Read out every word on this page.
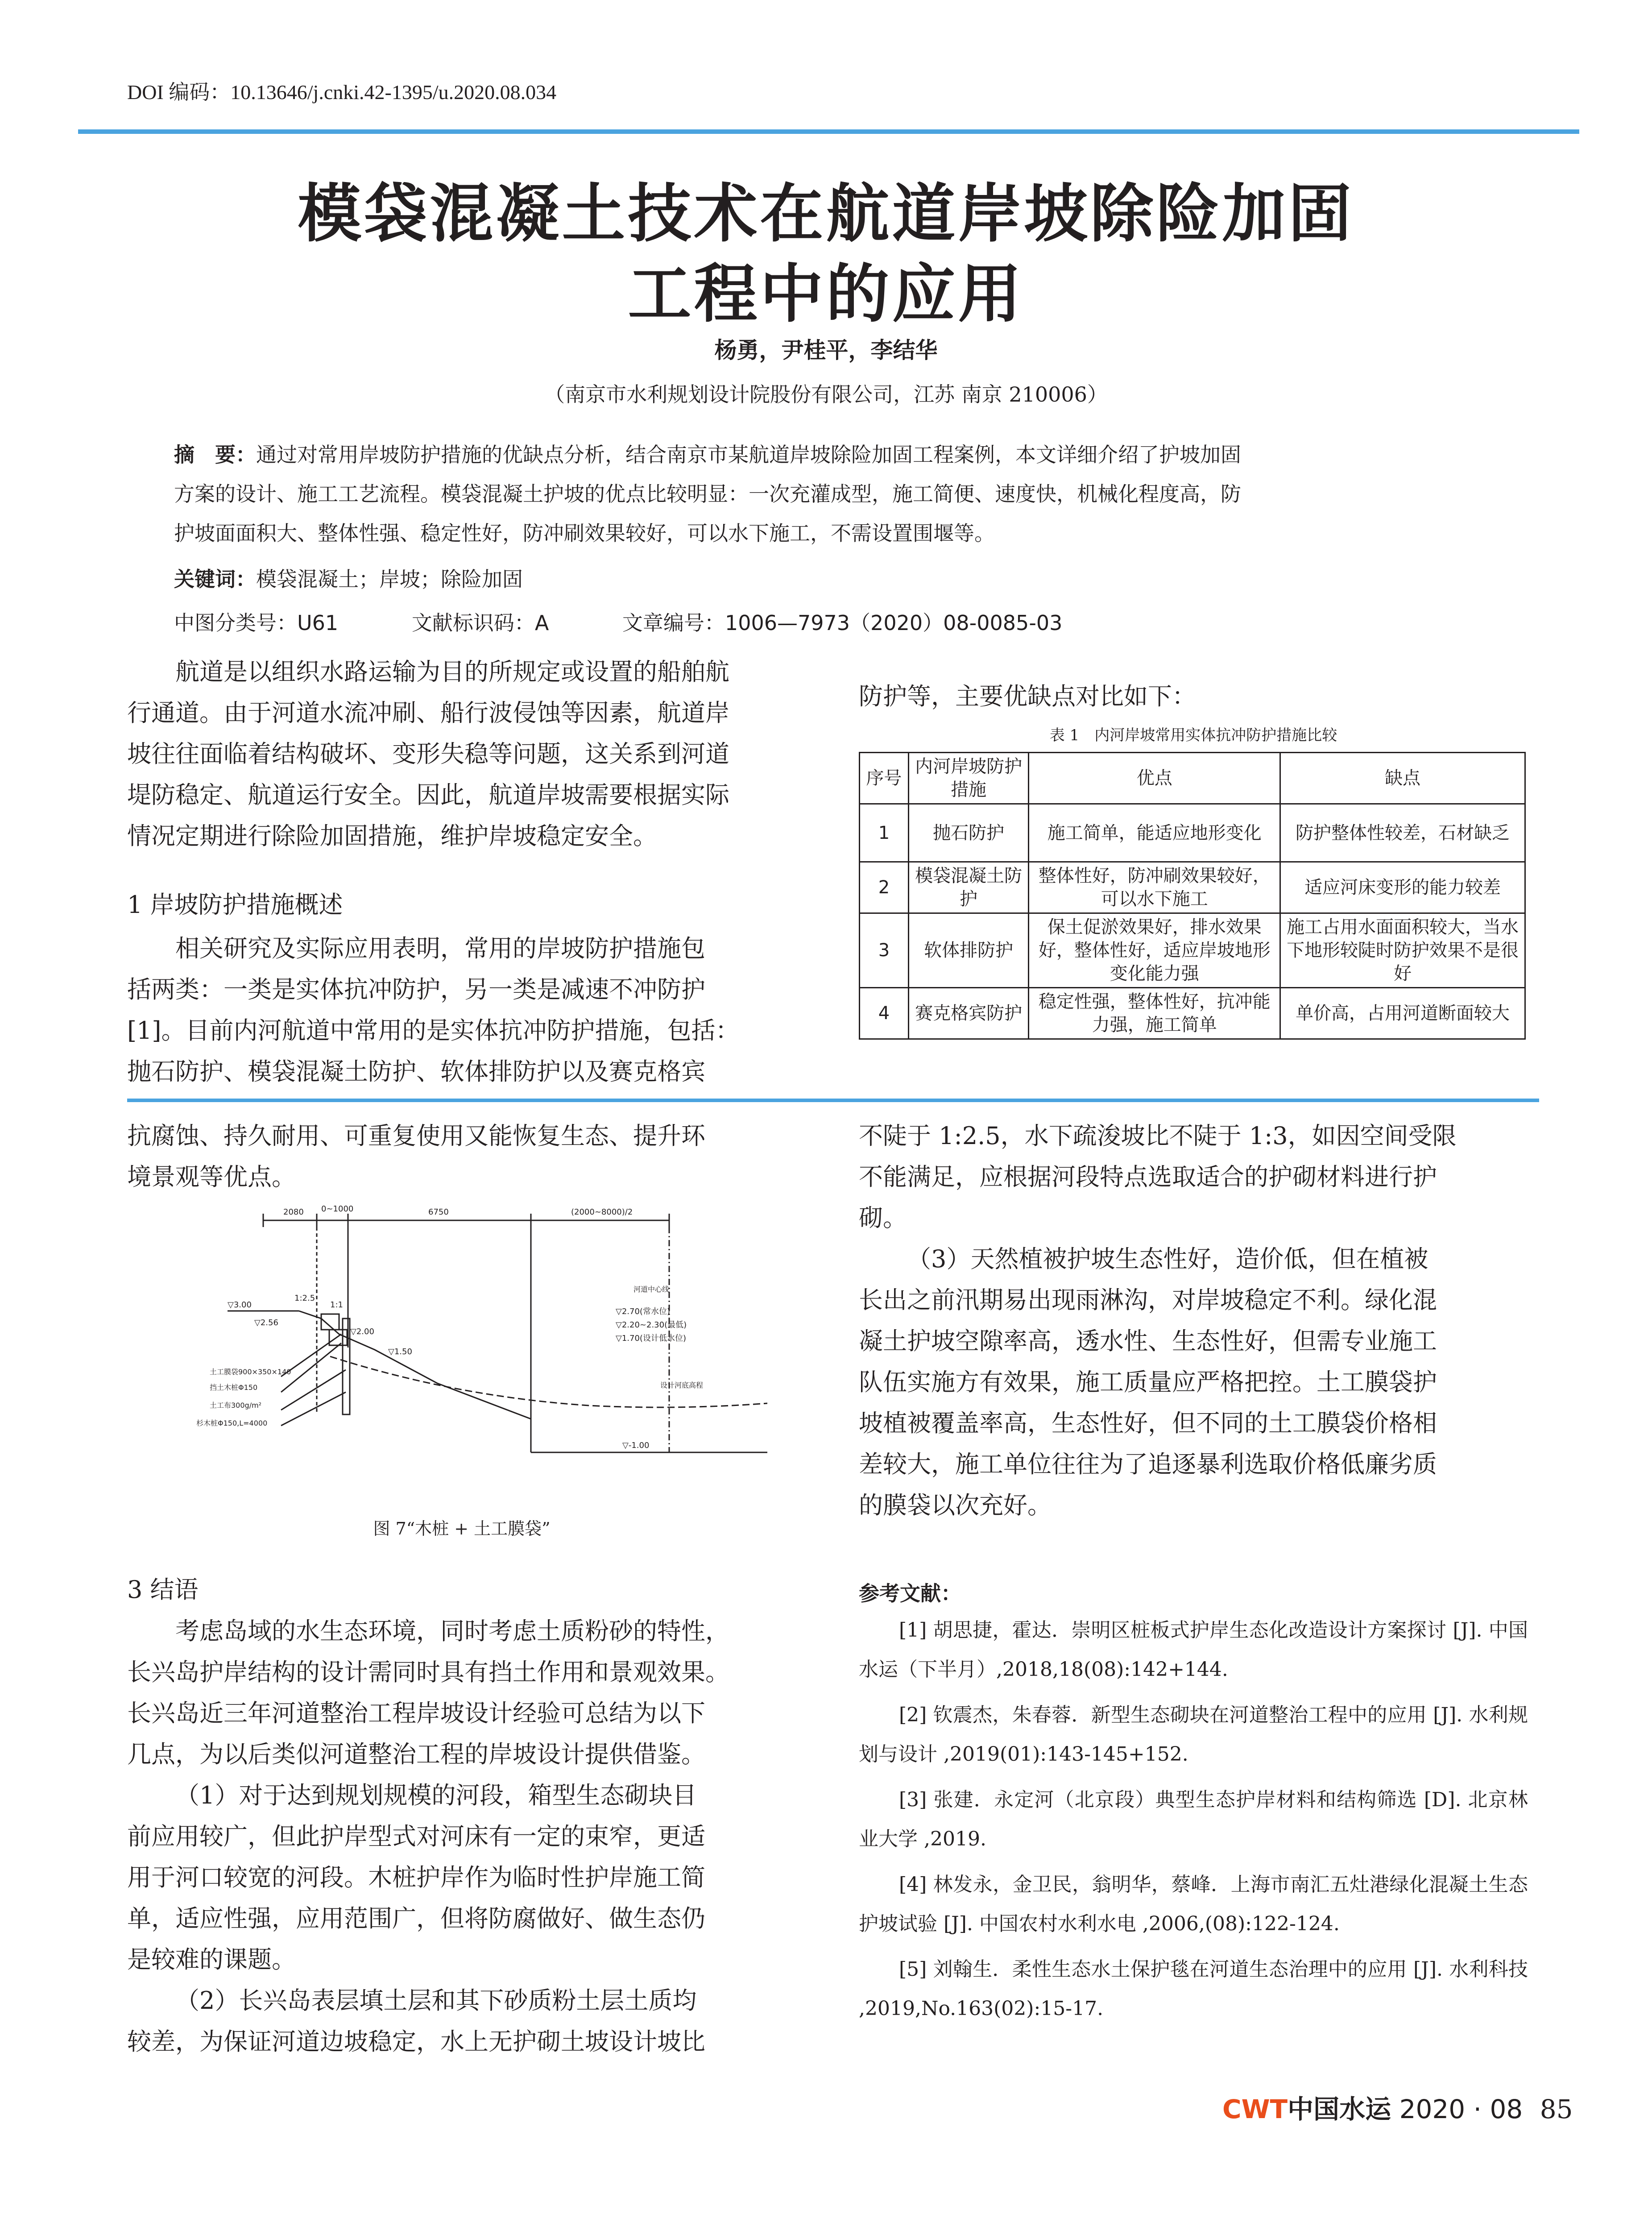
DOI 编码：10.13646/j.cnki.42-1395/u.2020.08.034
模袋混凝土技术在航道岸坡除险加固
工程中的应用
杨勇，尹桂平，李结华
（南京市水利规划设计院股份有限公司，江苏 南京 210006）
摘　要：通过对常用岸坡防护措施的优缺点分析，结合南京市某航道岸坡除险加固工程案例，本文详细介绍了护坡加固
方案的设计、施工工艺流程。模袋混凝土护坡的优点比较明显：一次充灌成型，施工简便、速度快，机械化程度高，防
护坡面面积大、整体性强、稳定性好，防冲刷效果较好，可以水下施工，不需设置围堰等。
关键词：模袋混凝土；岸坡；除险加固
中图分类号：U61	文献标识码：A	文章编号：1006—7973（2020）08-0085-03
航道是以组织水路运输为目的所规定或设置的船舶航
行通道。由于河道水流冲刷、船行波侵蚀等因素，航道岸
坡往往面临着结构破坏、变形失稳等问题，这关系到河道
堤防稳定、航道运行安全。因此，航道岸坡需要根据实际
情况定期进行除险加固措施，维护岸坡稳定安全。
1 岸坡防护措施概述
相关研究及实际应用表明，常用的岸坡防护措施包
括两类：一类是实体抗冲防护，另一类是减速不冲防护
[1]。目前内河航道中常用的是实体抗冲防护措施，包括：
抛石防护、模袋混凝土防护、软体排防护以及赛克格宾
防护等，主要优缺点对比如下：
表 1　内河岸坡常用实体抗冲防护措施比较
序号	内河岸坡防护措施	优点	缺点
1	抛石防护	施工简单，能适应地形变化	防护整体性较差，石材缺乏
2	模袋混凝土防护	整体性好，防冲刷效果较好，可以水下施工	适应河床变形的能力较差
3	软体排防护	保土促淤效果好，排水效果好，整体性好，适应岸坡地形变化能力强	施工占用水面面积较大，当水下地形较陡时防护效果不是很好
4	赛克格宾防护	稳定性强，整体性好，抗冲能力强，施工简单	单价高，占用河道断面较大
抗腐蚀、持久耐用、可重复使用又能恢复生态、提升环
境景观等优点。
2080 0~1000	6750	(2000~8000)/2
▽3.00
▽2.56
▽2.00
▽1.50
▽2.70(常水位)
▽2.20~2.30(最低)
▽1.70(设计低水位)
▽-1.00
1:2.5
1:1
土工膜袋900×350×140
挡土木桩Φ150
土工布300g/m²
杉木桩Φ150,L=4000
河道中心线
设计河底高程
图 7“木桩 + 土工膜袋”
3 结语
考虑岛域的水生态环境，同时考虑土质粉砂的特性，
长兴岛护岸结构的设计需同时具有挡土作用和景观效果。
长兴岛近三年河道整治工程岸坡设计经验可总结为以下
几点，为以后类似河道整治工程的岸坡设计提供借鉴。
（1）对于达到规划规模的河段，箱型生态砌块目
前应用较广，但此护岸型式对河床有一定的束窄，更适
用于河口较宽的河段。木桩护岸作为临时性护岸施工简
单，适应性强，应用范围广，但将防腐做好、做生态仍
是较难的课题。
（2）长兴岛表层填土层和其下砂质粉土层土质均
较差，为保证河道边坡稳定，水上无护砌土坡设计坡比
不陡于 1:2.5，水下疏浚坡比不陡于 1:3，如因空间受限
不能满足，应根据河段特点选取适合的护砌材料进行护
砌。
（3）天然植被护坡生态性好，造价低，但在植被
长出之前汛期易出现雨淋沟，对岸坡稳定不利。绿化混
凝土护坡空隙率高，透水性、生态性好，但需专业施工
队伍实施方有效果，施工质量应严格把控。土工膜袋护
坡植被覆盖率高，生态性好，但不同的土工膜袋价格相
差较大，施工单位往往为了追逐暴利选取价格低廉劣质
的膜袋以次充好。
参考文献：

[1] 胡思捷，霍达．崇明区桩板式护岸生态化改造设计方案探讨 [J]. 中国水运（下半月）,2018,18(08):142+144.

[2] 钦震杰，朱春蓉．新型生态砌块在河道整治工程中的应用 [J]. 水利规划与设计 ,2019(01):143-145+152.

[3] 张建．永定河（北京段）典型生态护岸材料和结构筛选 [D]. 北京林业大学 ,2019.

[4] 林发永，金卫民，翁明华，蔡峰．上海市南汇五灶港绿化混凝土生态护坡试验 [J]. 中国农村水利水电 ,2006,(08):122-124.

[5] 刘翰生．柔性生态水土保护毯在河道生态治理中的应用 [J]. 水利科技 ,2019,No.163(02):15-17.

CWT中国水运 2020 · 08 85
